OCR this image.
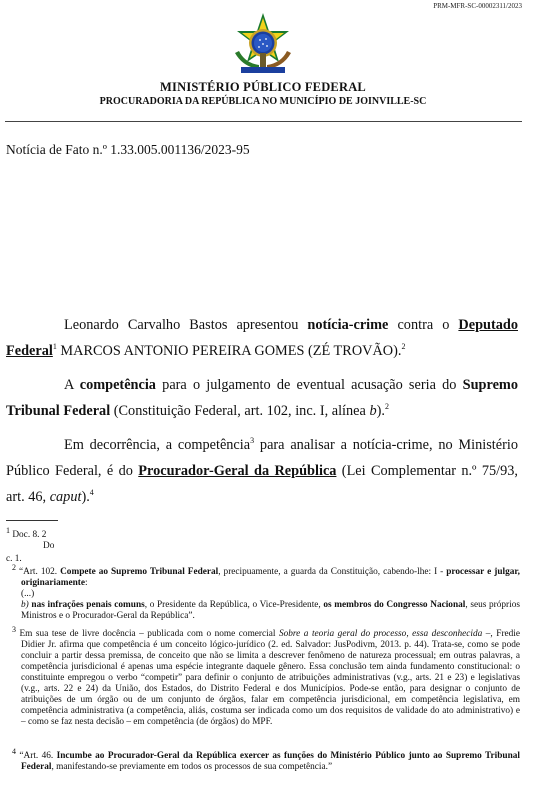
PRM-MFR-SC-00002311/2023
MINISTÉRIO PÚBLICO FEDERAL
PROCURADORIA DA REPÚBLICA NO MUNICÍPIO DE JOINVILLE-SC
Notícia de Fato n.º 1.33.005.001136/2023-95
Leonardo Carvalho Bastos apresentou notícia-crime contra o Deputado Federal$^1$ MARCOS ANTONIO PEREIRA GOMES (ZÉ TROVÃO).$^2$
A competência para o julgamento de eventual acusação seria do Supremo Tribunal Federal (Constituição Federal, art. 102, inc. I, alínea b).$^2$
Em decorrência, a competência$^3$ para analisar a notícia-crime, no Ministério Público Federal, é do Procurador-Geral da República (Lei Complementar n.º 75/93, art. 46, caput).$^4$
$^1$ Doc. 8. 2
Do
c. 1.
$^2$ “Art. 102. Compete ao Supremo Tribunal Federal, precipuamente, a guarda da Constituição, cabendo-lhe: I - processar e julgar, originariamente:
(...)
b) nas infrações penais comuns, o Presidente da República, o Vice-Presidente, os membros do Congresso Nacional, seus próprios Ministros e o Procurador-Geral da República”.
$^3$ Em sua tese de livre docência – publicada com o nome comercial Sobre a teoria geral do processo, essa desconhecida –, Fredie Didier Jr. afirma que competência é um conceito lógico-jurídico (2. ed. Salvador: JusPodivm, 2013. p. 44). Trata-se, como se pode concluir a partir dessa premissa, de conceito que não se limita a descrever fenômeno de natureza processual; em outras palavras, a competência jurisdicional é apenas uma espécie integrante daquele gênero. Essa conclusão tem ainda fundamento constitucional: o constituinte empregou o verbo “competir” para definir o conjunto de atribuições administrativas (v.g., arts. 21 e 23) e legislativas (v.g., arts. 22 e 24) da União, dos Estados, do Distrito Federal e dos Municípios. Pode-se então, para designar o conjunto de atribuições de um órgão ou de um conjunto de órgãos, falar em competência jurisdicional, em competência legislativa, em competência administrativa (a competência, aliás, costuma ser indicada como um dos requisitos de validade do ato administrativo) e – como se faz nesta decisão – em competência (de órgãos) do MPF.
$^4$ “Art. 46. Incumbe ao Procurador-Geral da República exercer as funções do Ministério Público junto ao Supremo Tribunal Federal, manifestando-se previamente em todos os processos de sua competência.”
